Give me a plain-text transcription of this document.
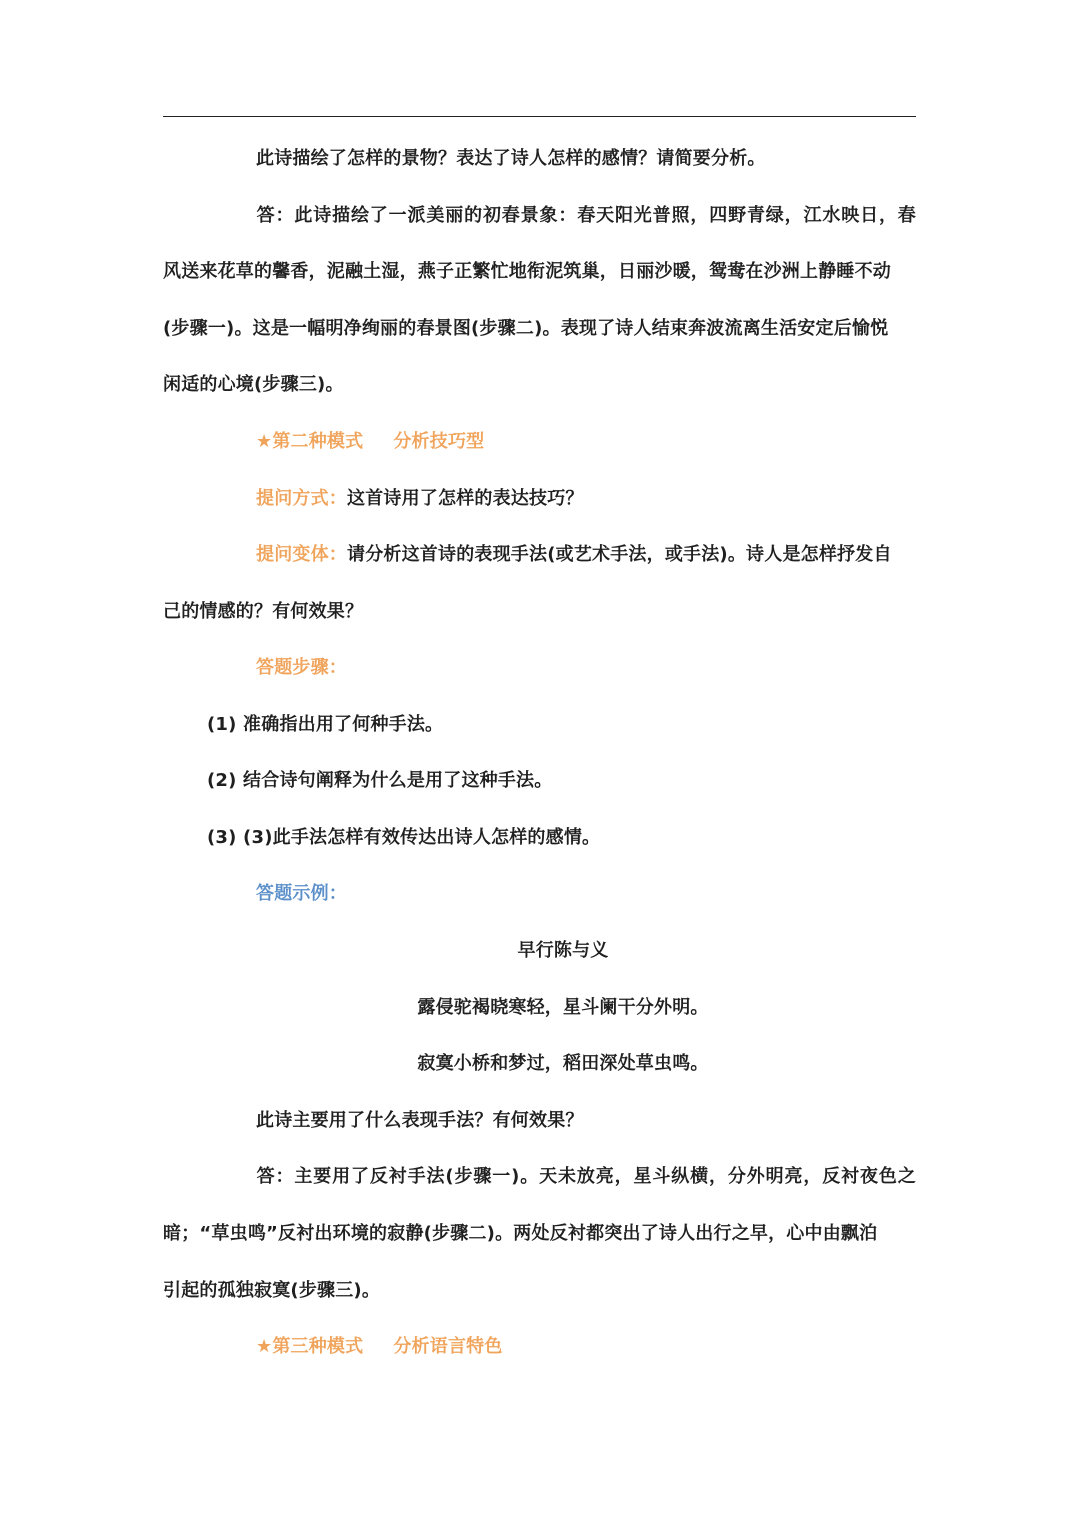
此诗描绘了怎样的景物？表达了诗人怎样的感情？请简要分析。
答：此诗描绘了一派美丽的初春景象：春天阳光普照，四野青绿，江水映日，春
风送来花草的馨香，泥融土湿，燕子正繁忙地衔泥筑巢，日丽沙暖，鸳鸯在沙洲上静睡不动
(步骤一)。这是一幅明净绚丽的春景图(步骤二)。表现了诗人结束奔波流离生活安定后愉悦
闲适的心境(步骤三)。
★第二种模式 分析技巧型
提问方式：这首诗用了怎样的表达技巧？
提问变体：请分析这首诗的表现手法(或艺术手法，或手法)。诗人是怎样抒发自
己的情感的？有何效果？
答题步骤：
(1) 准确指出用了何种手法。
(2) 结合诗句阐释为什么是用了这种手法。
(3) (3)此手法怎样有效传达出诗人怎样的感情。
答题示例：
早行陈与义
露侵驼褐晓寒轻，星斗阑干分外明。
寂寞小桥和梦过，稻田深处草虫鸣。
此诗主要用了什么表现手法？有何效果？
答：主要用了反衬手法(步骤一)。天未放亮，星斗纵横，分外明亮，反衬夜色之
暗；“草虫鸣”反衬出环境的寂静(步骤二)。两处反衬都突出了诗人出行之早，心中由飘泊
引起的孤独寂寞(步骤三)。
★第三种模式 分析语言特色
